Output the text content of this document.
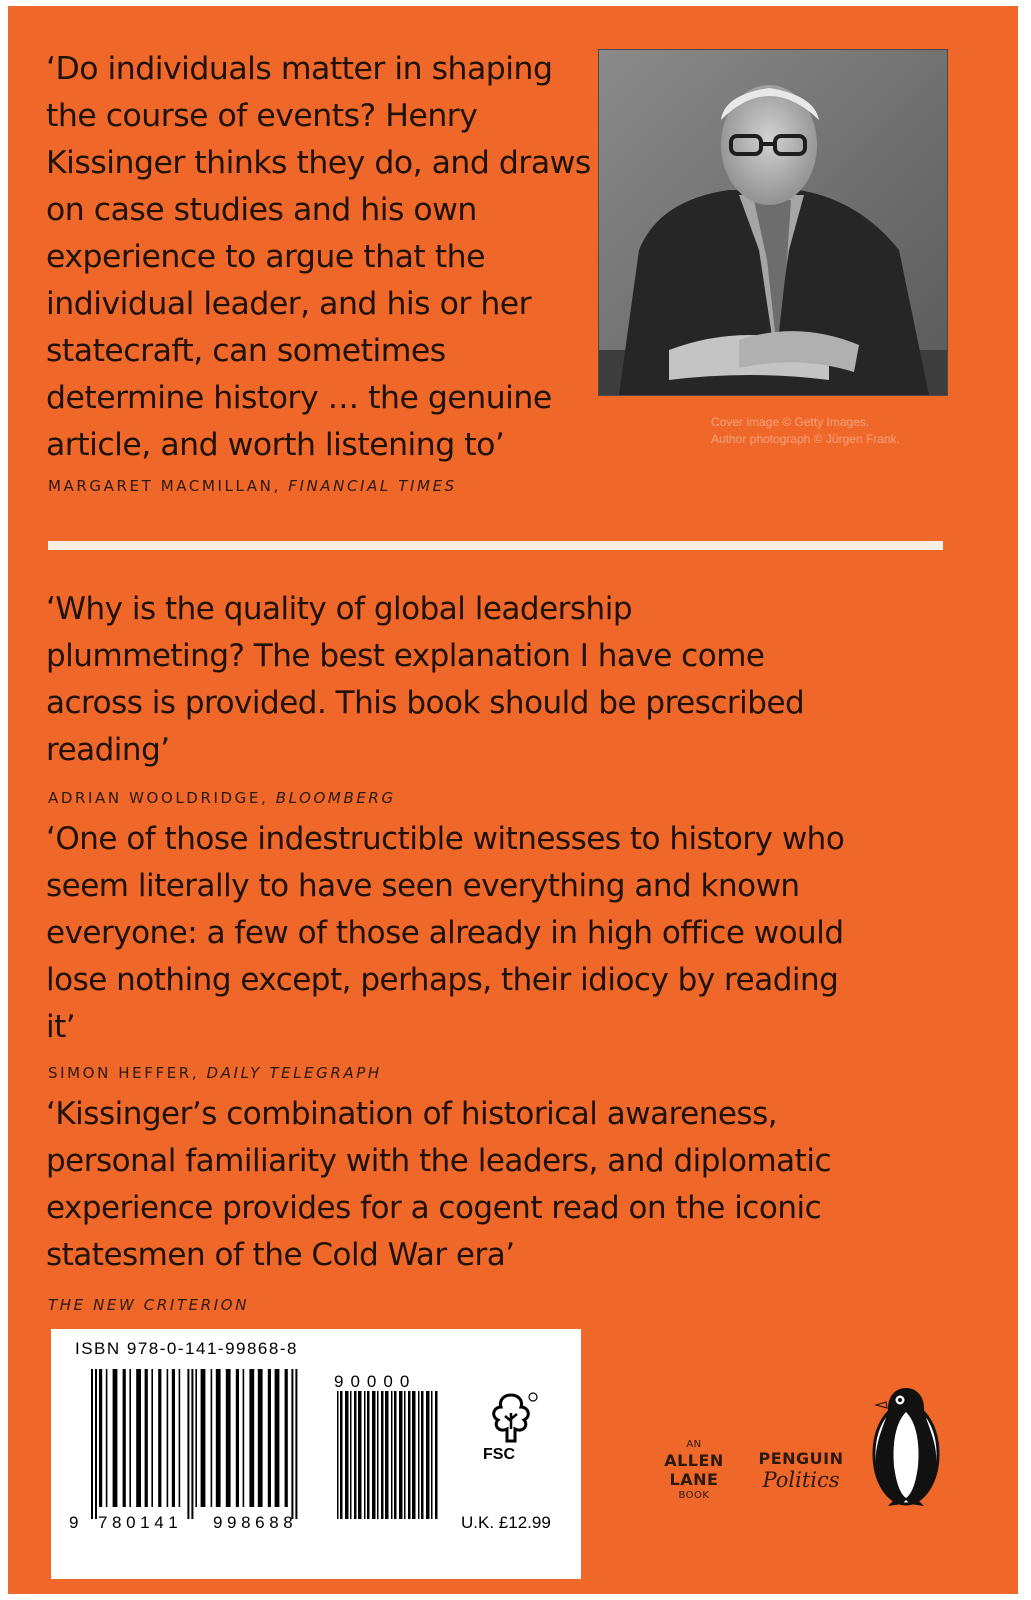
‘Do individuals matter in shaping the course of events? Henry Kissinger thinks they do, and draws on case studies and his own experience to argue that the individual leader, and his or her statecraft, can sometimes determine history … the genuine article, and worth listening to’

MARGARET MACMILLAN, FINANCIAL TIMES
Cover image © Getty Images.
Author photograph © Jürgen Frank.

‘Why is the quality of global leadership plummeting? The best explanation I have come across is provided. This book should be prescribed reading’

ADRIAN WOOLDRIDGE, BLOOMBERG

‘One of those indestructible witnesses to history who seem literally to have seen everything and known everyone: a few of those already in high office would lose nothing except, perhaps, their idiocy by reading it’

SIMON HEFFER, DAILY TELEGRAPH

‘Kissinger’s combination of historical awareness, personal familiarity with the leaders, and diplomatic experience provides for a cogent read on the iconic statesmen of the Cold War era’

THE NEW CRITERION
ISBN 978-0-141-99868-8
9 780141 998688
90000
FSC
U.K. £12.99
AN
ALLEN
LANE
BOOK
PENGUIN
Politics
